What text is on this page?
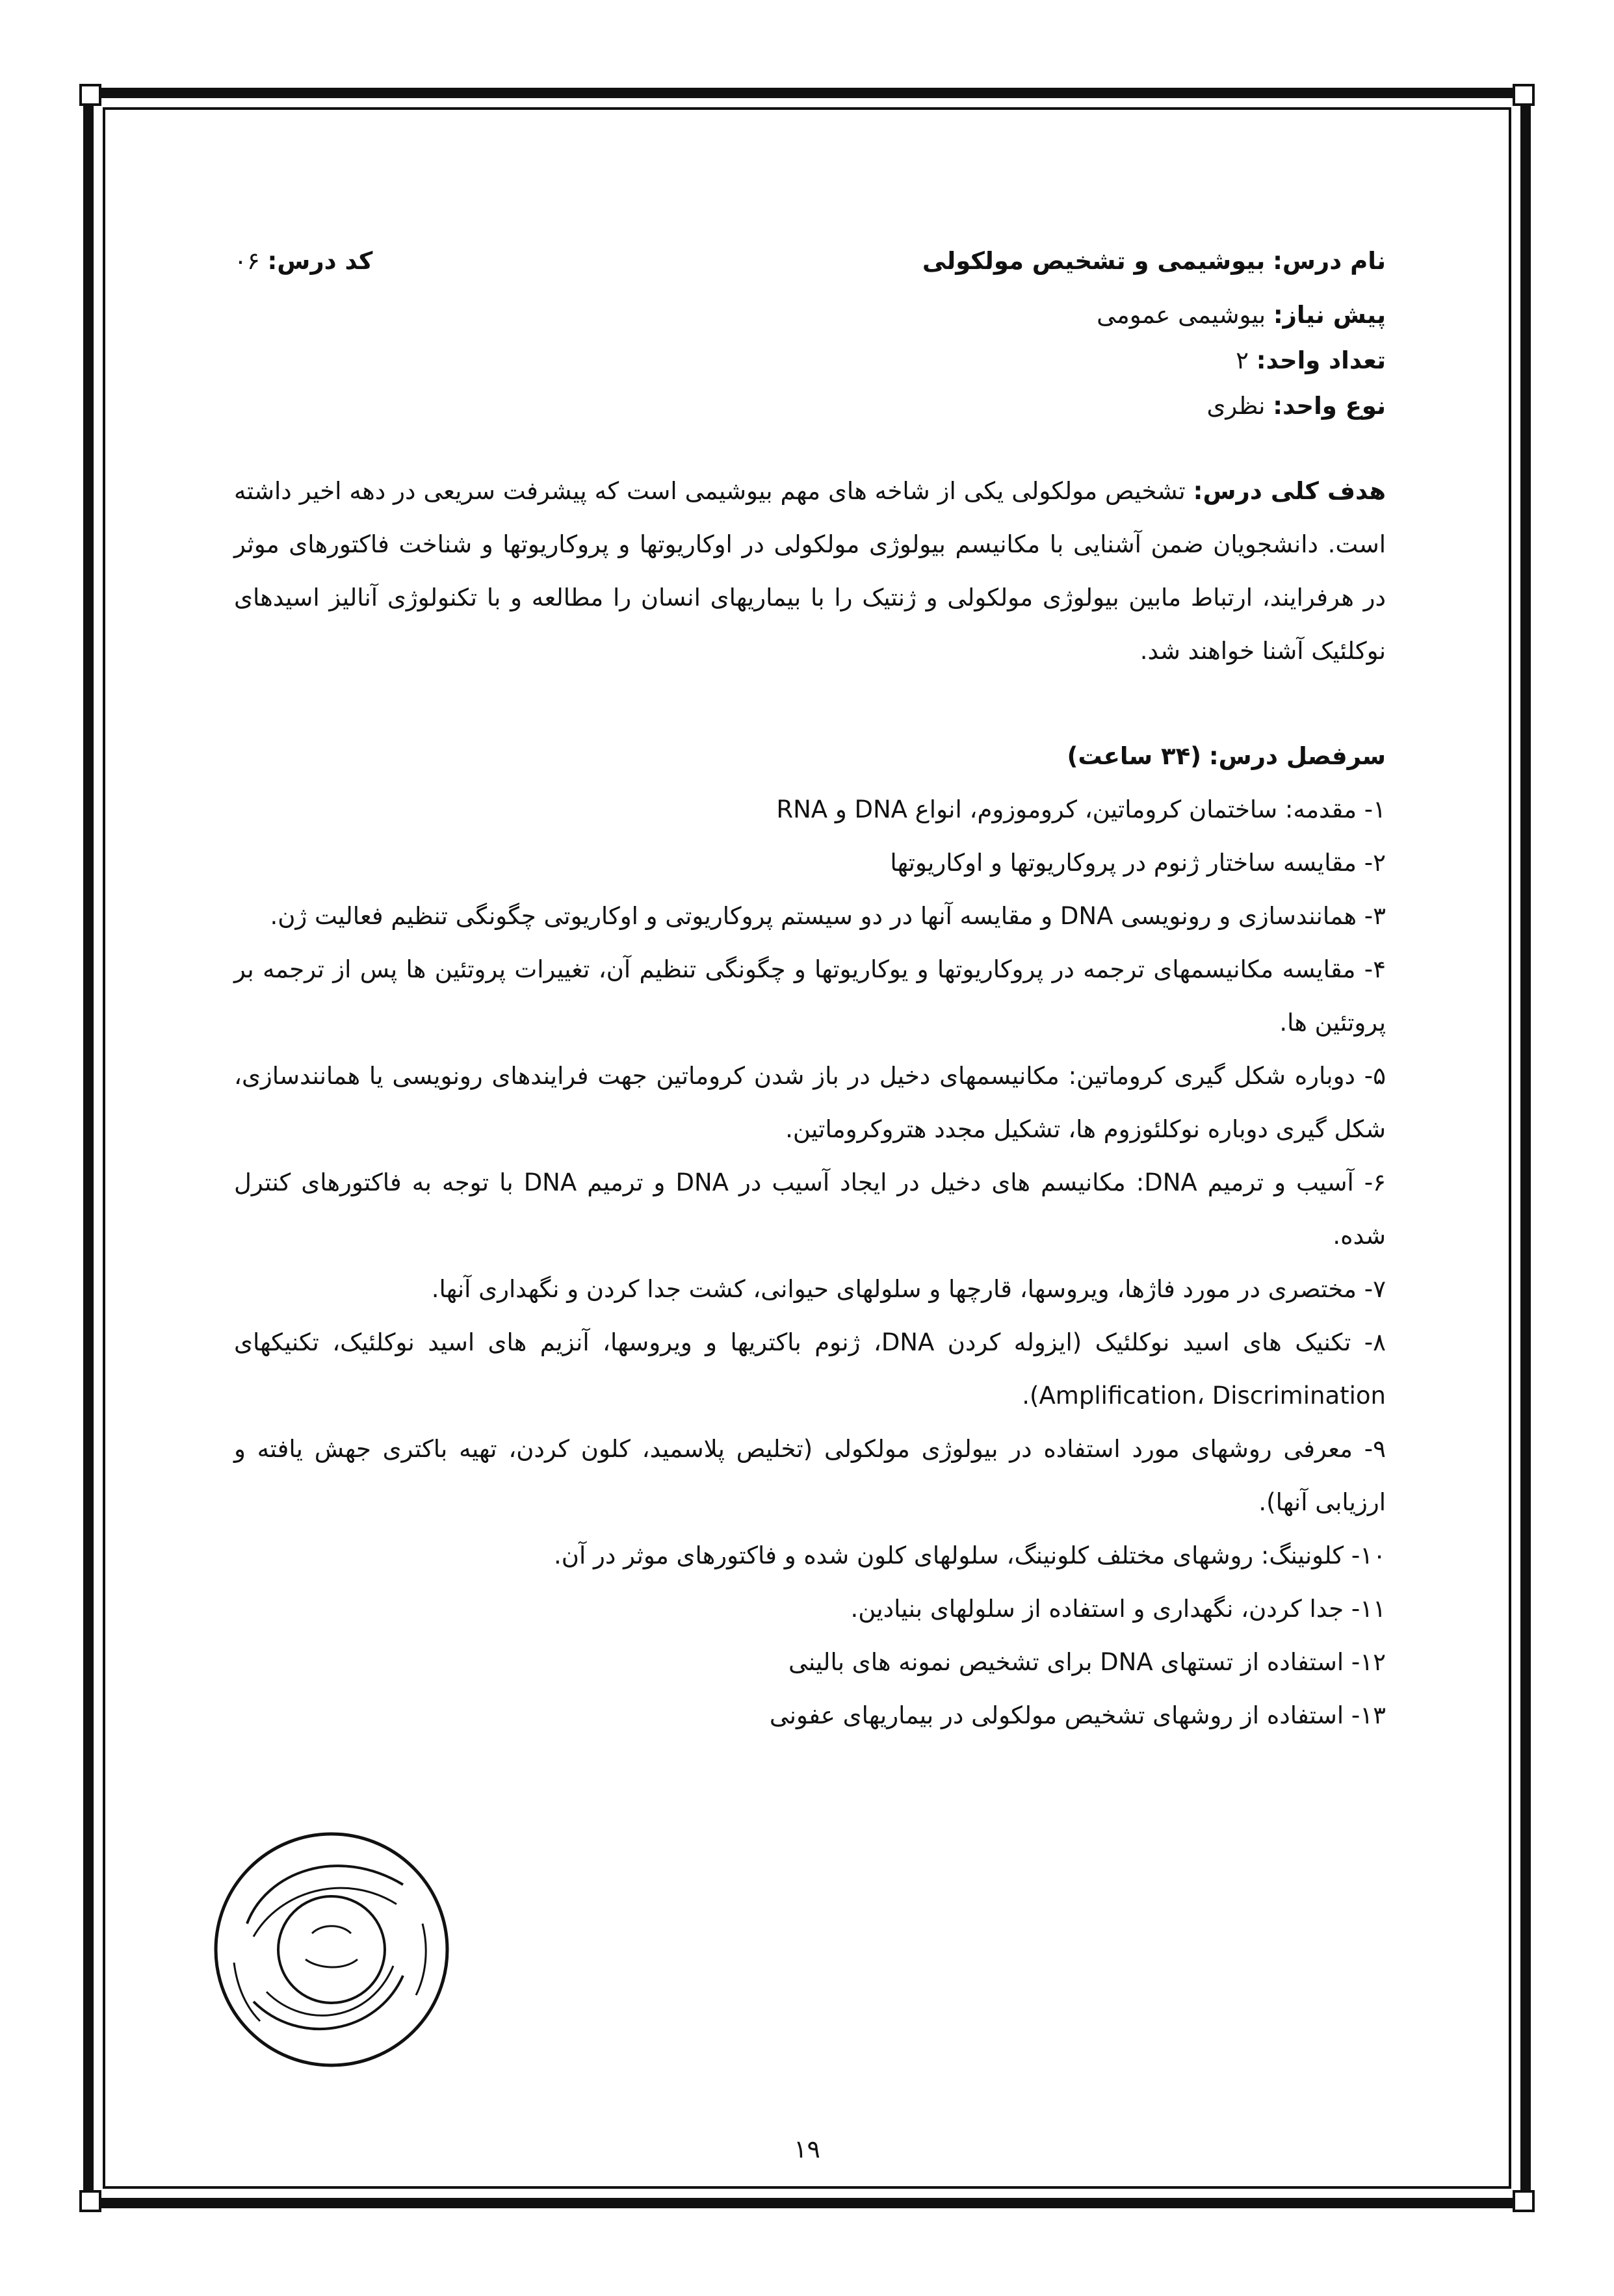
نام درس: بیوشیمی و تشخیص مولکولی
کد درس: ۰۶
پیش نیاز: بیوشیمی عمومی
تعداد واحد: ۲
نوع واحد: نظری
هدف کلی درس: تشخیص مولکولی یکی از شاخه های مهم بیوشیمی است که پیشرفت سریعی در دهه اخیر داشته است. دانشجویان ضمن آشنایی با مکانیسم بیولوژی مولکولی در اوکاریوتها و پروکاریوتها و شناخت فاکتورهای موثر در هرفرایند، ارتباط مابین بیولوژی مولکولی و ژنتیک را با بیماریهای انسان را مطالعه و با تکنولوژی آنالیز اسیدهای نوکلئیک آشنا خواهند شد.
سرفصل درس: (۳۴ ساعت)
۱- مقدمه: ساختمان کروماتین، کروموزوم، انواع DNA و RNA
۲- مقایسه ساختار ژنوم در پروکاریوتها و اوکاریوتها
۳- همانندسازی و رونویسی DNA و مقایسه آنها در دو سیستم پروکاریوتی و اوکاریوتی چگونگی تنظیم فعالیت ژن.
۴- مقایسه مکانیسمهای ترجمه در پروکاریوتها و یوکاریوتها و چگونگی تنظیم آن، تغییرات پروتئین ها پس از ترجمه بر پروتئین ها.
۵- دوباره شکل گیری کروماتین: مکانیسمهای دخیل در باز شدن کروماتین جهت فرایندهای رونویسی یا همانندسازی، شکل گیری دوباره نوکلئوزوم ها، تشکیل مجدد هتروکروماتین.
۶- آسیب و ترمیم DNA: مکانیسم های دخیل در ایجاد آسیب در DNA و ترمیم DNA با توجه به فاکتورهای کنترل شده.
۷- مختصری در مورد فاژها، ویروسها، قارچها و سلولهای حیوانی، کشت جدا کردن و نگهداری آنها.
۸- تکنیک های اسید نوکلئیک (ایزوله کردن DNA، ژنوم باکتریها و ویروسها، آنزیم های اسید نوکلئیک، تکنیکهای Amplification، Discrimination).
۹- معرفی روشهای مورد استفاده در بیولوژی مولکولی (تخلیص پلاسمید، کلون کردن، تهیه باکتری جهش یافته و ارزیابی آنها).
۱۰- کلونینگ: روشهای مختلف کلونینگ، سلولهای کلون شده و فاکتورهای موثر در آن.
۱۱- جدا کردن، نگهداری و استفاده از سلولهای بنیادین.
۱۲- استفاده از تستهای DNA برای تشخیص نمونه های بالینی
۱۳- استفاده از روشهای تشخیص مولکولی در بیماریهای عفونی
۱۹
